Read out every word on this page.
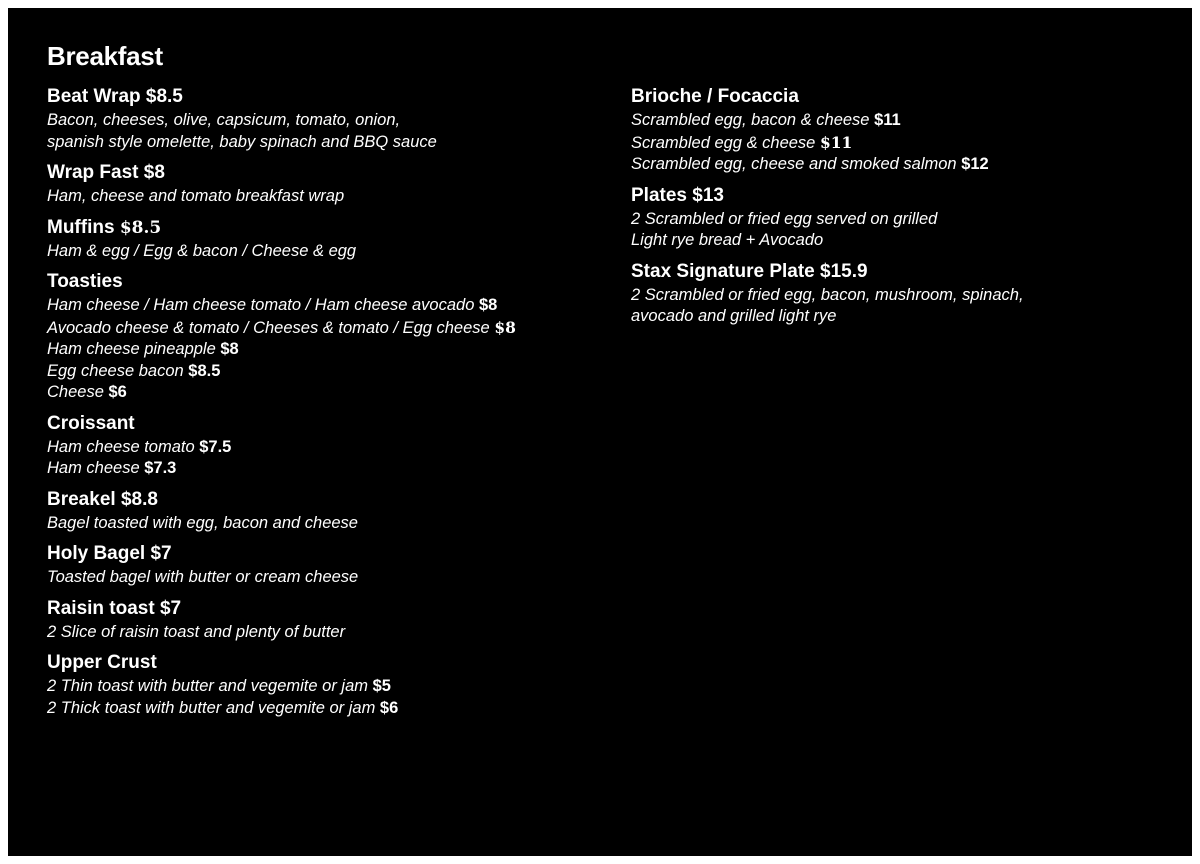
Breakfast
Beat Wrap $8.5
Bacon, cheeses, olive, capsicum, tomato, onion,
spanish style omelette, baby spinach and BBQ sauce
Wrap Fast $8
Ham, cheese and tomato breakfast wrap
Muffins $8.5
Ham & egg / Egg & bacon / Cheese & egg
Toasties
Ham cheese / Ham cheese tomato / Ham cheese avocado $8
Avocado cheese & tomato / Cheeses & tomato / Egg cheese $8
Ham cheese pineapple $8
Egg cheese bacon $8.5
Cheese $6
Croissant
Ham cheese tomato $7.5
Ham cheese $7.3
Breakel $8.8
Bagel toasted with egg, bacon and cheese
Holy Bagel $7
Toasted bagel with butter or cream cheese
Raisin toast $7
2 Slice of raisin toast and plenty of butter
Upper Crust
2 Thin toast with butter and vegemite or jam $5
2 Thick toast with butter and vegemite or jam $6
Brioche / Focaccia
Scrambled egg, bacon & cheese $11
Scrambled egg & cheese $11
Scrambled egg, cheese and smoked salmon $12
Plates $13
2 Scrambled or fried egg served on grilled
Light rye bread + Avocado
Stax Signature Plate $15.9
2 Scrambled or fried egg, bacon, mushroom, spinach,
avocado and grilled light rye
